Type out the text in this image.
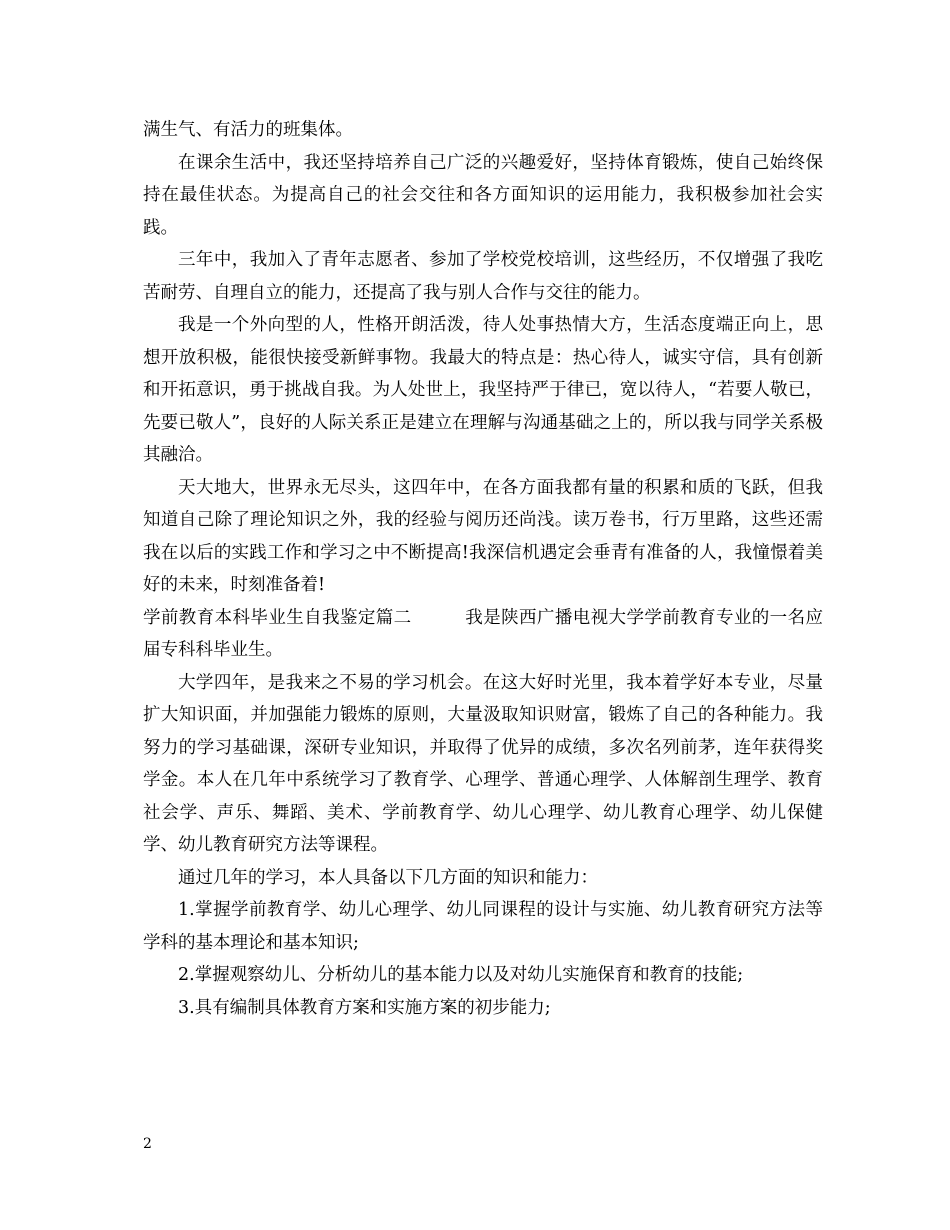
满生气、有活力的班集体。

在课余生活中，我还坚持培养自己广泛的兴趣爱好，坚持体育锻炼，使自己始终保持在最佳状态。为提高自己的社会交往和各方面知识的运用能力，我积极参加社会实践。

三年中，我加入了青年志愿者、参加了学校党校培训，这些经历，不仅增强了我吃苦耐劳、自理自立的能力，还提高了我与别人合作与交往的能力。

我是一个外向型的人，性格开朗活泼，待人处事热情大方，生活态度端正向上，思想开放积极，能很快接受新鲜事物。我最大的特点是：热心待人，诚实守信，具有创新和开拓意识，勇于挑战自我。为人处世上，我坚持严于律已，宽以待人，“若要人敬已，先要已敬人”，良好的人际关系正是建立在理解与沟通基础之上的，所以我与同学关系极其融洽。

天大地大，世界永无尽头，这四年中，在各方面我都有量的积累和质的飞跃，但我知道自己除了理论知识之外，我的经验与阅历还尚浅。读万卷书，行万里路，这些还需我在以后的实践工作和学习之中不断提高!我深信机遇定会垂青有准备的人，我憧憬着美好的未来，时刻准备着!

学前教育本科毕业生自我鉴定篇二　　　我是陕西广播电视大学学前教育专业的一名应届专科科毕业生。

大学四年，是我来之不易的学习机会。在这大好时光里，我本着学好本专业，尽量扩大知识面，并加强能力锻炼的原则，大量汲取知识财富，锻炼了自己的各种能力。我努力的学习基础课，深研专业知识，并取得了优异的成绩，多次名列前茅，连年获得奖学金。本人在几年中系统学习了教育学、心理学、普通心理学、人体解剖生理学、教育社会学、声乐、舞蹈、美术、学前教育学、幼儿心理学、幼儿教育心理学、幼儿保健学、幼儿教育研究方法等课程。

通过几年的学习，本人具备以下几方面的知识和能力：

1.掌握学前教育学、幼儿心理学、幼儿同课程的设计与实施、幼儿教育研究方法等学科的基本理论和基本知识;

2.掌握观察幼儿、分析幼儿的基本能力以及对幼儿实施保育和教育的技能;

3.具有编制具体教育方案和实施方案的初步能力;

2
